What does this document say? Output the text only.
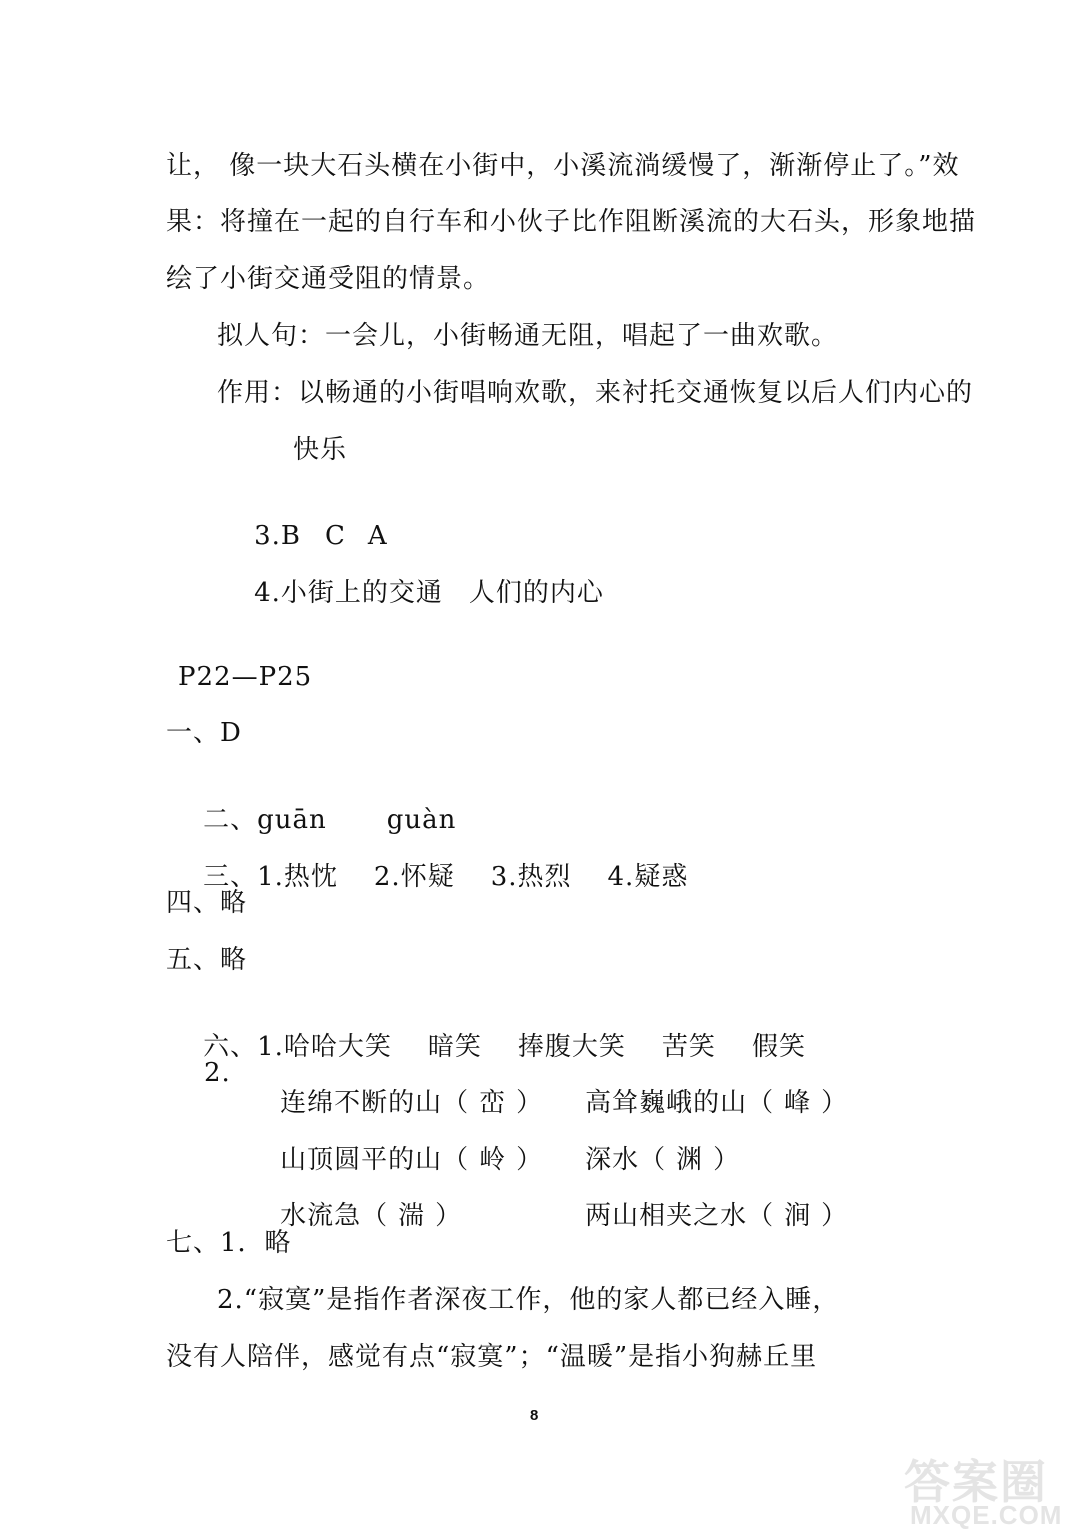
让， 像一块大石头横在小街中，小溪流淌缓慢了，渐渐停止了。”效
果：将撞在一起的自行车和小伙子比作阻断溪流的大石头，形象地描
绘了小街交通受阻的情景。
拟人句：一会儿，小街畅通无阻，唱起了一曲欢歌。
作用：以畅通的小街唱响欢歌，来衬托交通恢复以后人们内心的
快乐

3.B C A

4.小街上的交通 人们的内心

P22—P25
一、D

二、guān guàn

三、1.热忱 2.怀疑 3.热烈 4.疑惑

四、略
五、略

六、1.哈哈大笑 暗笑 捧腹大笑 苦笑 假笑

2.

连绵不断的山（ 峦 ）
	高耸巍峨的山（ 峰 ）

山顶圆平的山（ 岭 ）
	深水（ 渊 ）

水流急（ 湍 ）
	两山相夹之水（ 涧 ）

七、1．略
2.“寂寞”是指作者深夜工作，他的家人都已经入睡，
没有人陪伴，感觉有点“寂寞”；“温暖”是指小狗赫丘里
8
答案圈
MXQE.COM
